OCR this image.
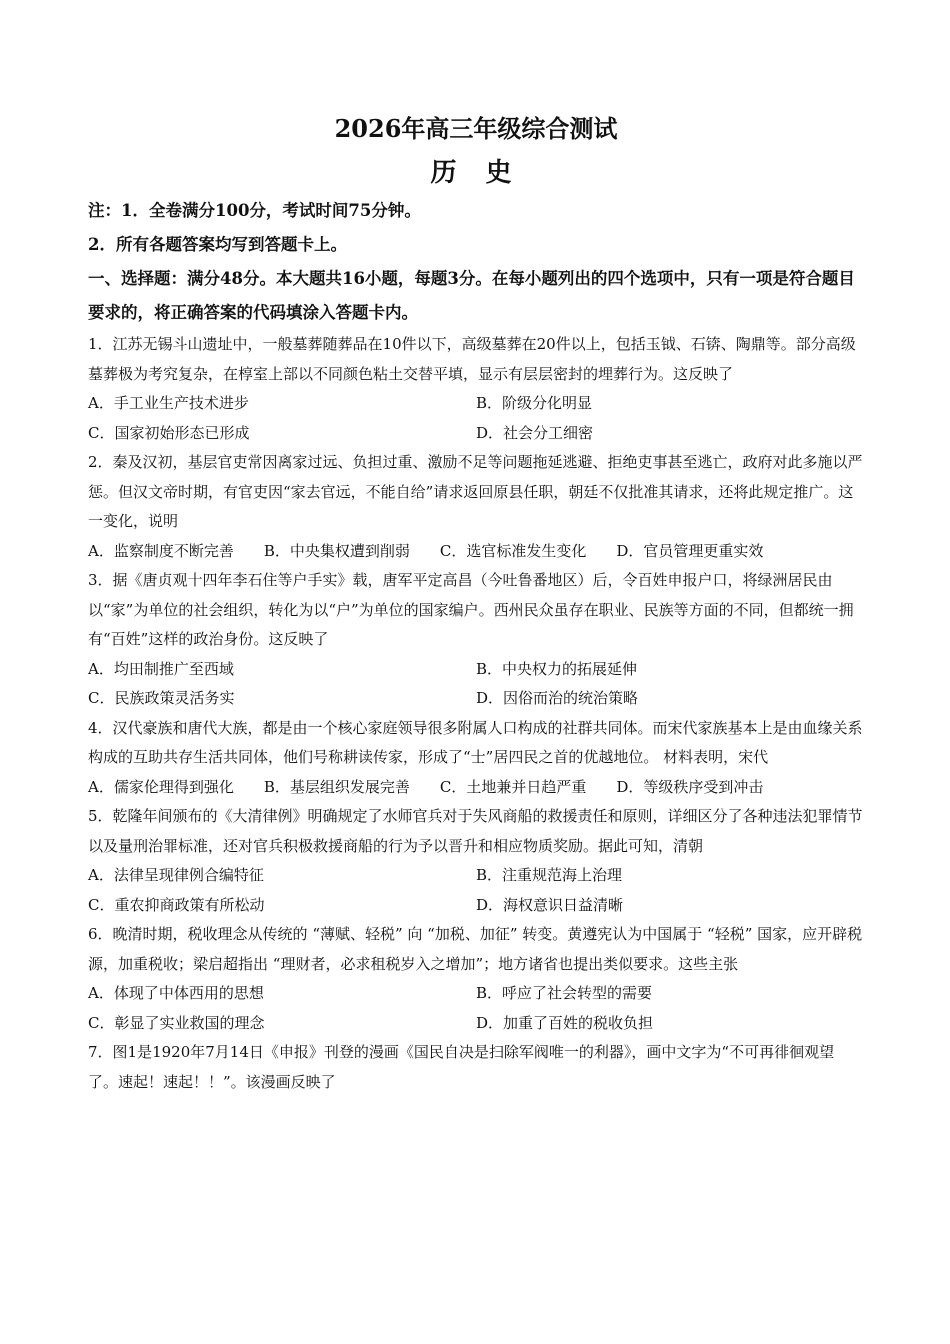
2026年高三年级综合测试
历 史

注：1．全卷满分100分，考试时间75分钟。

2．所有各题答案均写到答题卡上。

一、选择题：满分48分。本大题共16小题，每题3分。在每小题列出的四个选项中，只有一项是符合题目要求的，将正确答案的代码填涂入答题卡内。

1．江苏无锡斗山遗址中，一般墓葬随葬品在10件以下，高级墓葬在20件以上，包括玉钺、石锛、陶鼎等。部分高级墓葬极为考究复杂，在椁室上部以不同颜色粘土交替平填，显示有层层密封的埋葬行为。这反映了

A．手工业生产技术进步	B．阶级分化明显
C．国家初始形态已形成	D．社会分工细密

2．秦及汉初，基层官吏常因离家过远、负担过重、激励不足等问题拖延逃避、拒绝吏事甚至逃亡，政府对此多施以严惩。但汉文帝时期，有官吏因“家去官远，不能自给”请求返回原县任职，朝廷不仅批准其请求，还将此规定推广。这一变化，说明

A．监察制度不断完善 B．中央集权遭到削弱 C．选官标准发生变化 D．官员管理更重实效

3．据《唐贞观十四年李石住等户手实》载，唐军平定高昌（今吐鲁番地区）后，令百姓申报户口，将绿洲居民由以“家”为单位的社会组织，转化为以“户”为单位的国家编户。西州民众虽存在职业、民族等方面的不同，但都统一拥有“百姓”这样的政治身份。这反映了

A．均田制推广至西域	B．中央权力的拓展延伸
C．民族政策灵活务实	D．因俗而治的统治策略

4．汉代豪族和唐代大族，都是由一个核心家庭领导很多附属人口构成的社群共同体。而宋代家族基本上是由血缘关系构成的互助共存生活共同体，他们号称耕读传家，形成了“士”居四民之首的优越地位。 材料表明，宋代

A．儒家伦理得到强化 B．基层组织发展完善 C．土地兼并日趋严重 D．等级秩序受到冲击

5．乾隆年间颁布的《大清律例》明确规定了水师官兵对于失风商船的救援责任和原则，详细区分了各种违法犯罪情节以及量刑治罪标准，还对官兵积极救援商船的行为予以晋升和相应物质奖励。据此可知，清朝

A．法律呈现律例合编特征	B．注重规范海上治理
C．重农抑商政策有所松动	D．海权意识日益清晰

6．晚清时期，税收理念从传统的 “薄赋、轻税” 向 “加税、加征” 转变。黄遵宪认为中国属于 “轻税” 国家，应开辟税源，加重税收；梁启超指出 “理财者，必求租税岁入之增加”；地方诸省也提出类似要求。这些主张

A．体现了中体西用的思想	B．呼应了社会转型的需要
C．彰显了实业救国的理念	D．加重了百姓的税收负担

7．图1是1920年7月14日《申报》刊登的漫画《国民自决是扫除军阀唯一的利器》，画中文字为“不可再徘徊观望了。速起！速起！！”。该漫画反映了
